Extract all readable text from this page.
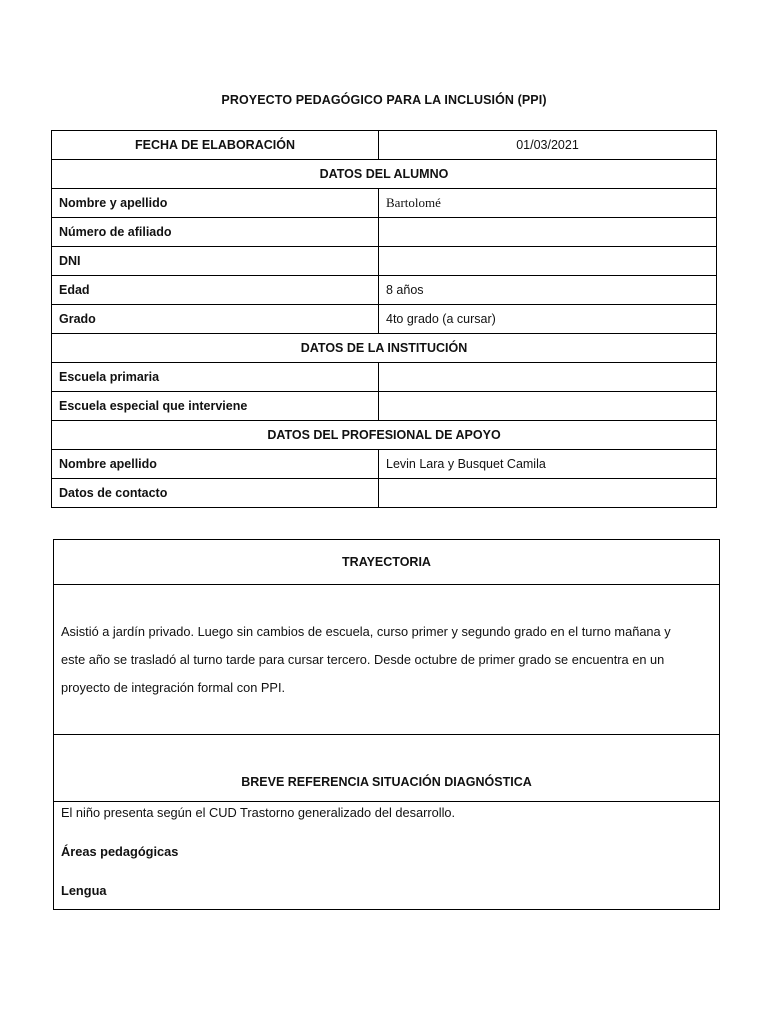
PROYECTO PEDAGÓGICO PARA LA INCLUSIÓN (PPI)
FECHA DE ELABORACIÓN	01/03/2021
DATOS DEL ALUMNO	
Nombre y apellido	Bartolomé
Número de afiliado	
DNI	
Edad	8 años
Grado	4to grado (a cursar)
DATOS DE LA INSTITUCIÓN	
Escuela primaria	
Escuela especial que interviene	
DATOS DEL PROFESIONAL DE APOYO	
Nombre apellido	Levin Lara y Busquet Camila
Datos de contacto	
TRAYECTORIA
Asistió a jardín privado. Luego sin cambios de escuela, curso primer y segundo grado en el turno mañana y
este año se trasladó al turno tarde para cursar tercero. Desde octubre de primer grado se encuentra en un
proyecto de integración formal con PPI.
BREVE REFERENCIA SITUACIÓN DIAGNÓSTICA
El niño presenta según el CUD Trastorno generalizado del desarrollo.
Áreas pedagógicas
Lengua
